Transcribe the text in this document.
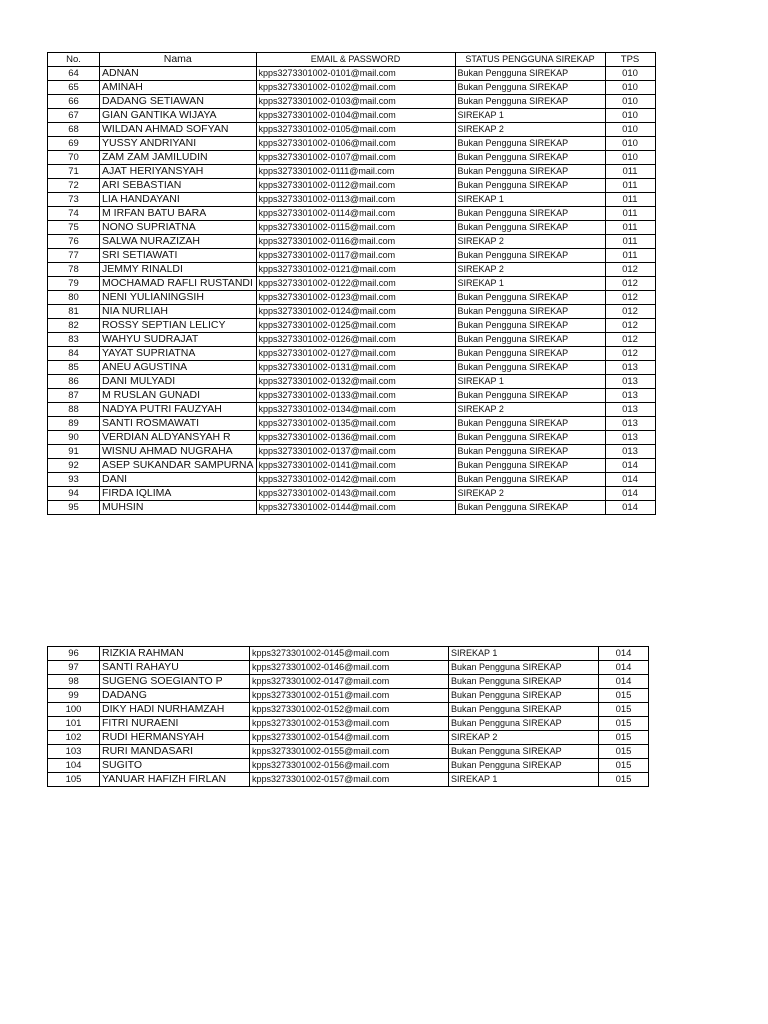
No.	Nama	EMAIL & PASSWORD	STATUS PENGGUNA SIREKAP	TPS
64	ADNAN	kpps3273301002-0101@mail.com	Bukan Pengguna SIREKAP	010
65	AMINAH	kpps3273301002-0102@mail.com	Bukan Pengguna SIREKAP	010
66	DADANG SETIAWAN	kpps3273301002-0103@mail.com	Bukan Pengguna SIREKAP	010
67	GIAN GANTIKA WIJAYA	kpps3273301002-0104@mail.com	SIREKAP 1	010
68	WILDAN AHMAD SOFYAN	kpps3273301002-0105@mail.com	SIREKAP 2	010
69	YUSSY ANDRIYANI	kpps3273301002-0106@mail.com	Bukan Pengguna SIREKAP	010
70	ZAM ZAM JAMILUDIN	kpps3273301002-0107@mail.com	Bukan Pengguna SIREKAP	010
71	AJAT HERIYANSYAH	kpps3273301002-0111@mail.com	Bukan Pengguna SIREKAP	011
72	ARI SEBASTIAN	kpps3273301002-0112@mail.com	Bukan Pengguna SIREKAP	011
73	LIA HANDAYANI	kpps3273301002-0113@mail.com	SIREKAP 1	011
74	M IRFAN BATU BARA	kpps3273301002-0114@mail.com	Bukan Pengguna SIREKAP	011
75	NONO SUPRIATNA	kpps3273301002-0115@mail.com	Bukan Pengguna SIREKAP	011
76	SALWA NURAZIZAH	kpps3273301002-0116@mail.com	SIREKAP 2	011
77	SRI SETIAWATI	kpps3273301002-0117@mail.com	Bukan Pengguna SIREKAP	011
78	JEMMY RINALDI	kpps3273301002-0121@mail.com	SIREKAP 2	012
79	MOCHAMAD RAFLI RUSTANDI	kpps3273301002-0122@mail.com	SIREKAP 1	012
80	NENI YULIANINGSIH	kpps3273301002-0123@mail.com	Bukan Pengguna SIREKAP	012
81	NIA NURLIAH	kpps3273301002-0124@mail.com	Bukan Pengguna SIREKAP	012
82	ROSSY SEPTIAN LELICY	kpps3273301002-0125@mail.com	Bukan Pengguna SIREKAP	012
83	WAHYU SUDRAJAT	kpps3273301002-0126@mail.com	Bukan Pengguna SIREKAP	012
84	YAYAT SUPRIATNA	kpps3273301002-0127@mail.com	Bukan Pengguna SIREKAP	012
85	ANEU AGUSTINA	kpps3273301002-0131@mail.com	Bukan Pengguna SIREKAP	013
86	DANI MULYADI	kpps3273301002-0132@mail.com	SIREKAP 1	013
87	M RUSLAN GUNADI	kpps3273301002-0133@mail.com	Bukan Pengguna SIREKAP	013
88	NADYA PUTRI FAUZYAH	kpps3273301002-0134@mail.com	SIREKAP 2	013
89	SANTI ROSMAWATI	kpps3273301002-0135@mail.com	Bukan Pengguna SIREKAP	013
90	VERDIAN ALDYANSYAH R	kpps3273301002-0136@mail.com	Bukan Pengguna SIREKAP	013
91	WISNU AHMAD NUGRAHA	kpps3273301002-0137@mail.com	Bukan Pengguna SIREKAP	013
92	ASEP SUKANDAR SAMPURNA	kpps3273301002-0141@mail.com	Bukan Pengguna SIREKAP	014
93	DANI	kpps3273301002-0142@mail.com	Bukan Pengguna SIREKAP	014
94	FIRDA IQLIMA	kpps3273301002-0143@mail.com	SIREKAP 2	014
95	MUHSIN	kpps3273301002-0144@mail.com	Bukan Pengguna SIREKAP	014
96	RIZKIA RAHMAN	kpps3273301002-0145@mail.com	SIREKAP 1	014
97	SANTI RAHAYU	kpps3273301002-0146@mail.com	Bukan Pengguna SIREKAP	014
98	SUGENG SOEGIANTO P	kpps3273301002-0147@mail.com	Bukan Pengguna SIREKAP	014
99	DADANG	kpps3273301002-0151@mail.com	Bukan Pengguna SIREKAP	015
100	DIKY HADI NURHAMZAH	kpps3273301002-0152@mail.com	Bukan Pengguna SIREKAP	015
101	FITRI NURAENI	kpps3273301002-0153@mail.com	Bukan Pengguna SIREKAP	015
102	RUDI HERMANSYAH	kpps3273301002-0154@mail.com	SIREKAP 2	015
103	RURI MANDASARI	kpps3273301002-0155@mail.com	Bukan Pengguna SIREKAP	015
104	SUGITO	kpps3273301002-0156@mail.com	Bukan Pengguna SIREKAP	015
105	YANUAR HAFIZH FIRLAN	kpps3273301002-0157@mail.com	SIREKAP 1	015
